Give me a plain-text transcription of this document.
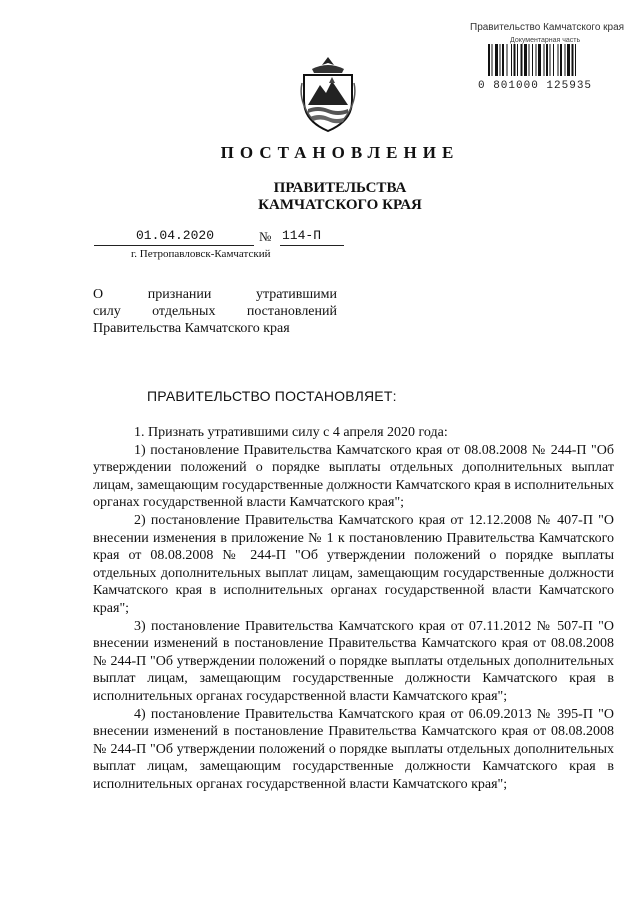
Правительство Камчатского края
Документарная часть
0 801000 125935
ПОСТАНОВЛЕНИЕ
ПРАВИТЕЛЬСТВА
КАМЧАТСКОГО КРАЯ
01.04.2020	№ 114-П
г. Петропавловск-Камчатский
О признании утратившими
силу отдельных постановлений
Правительства Камчатского края
ПРАВИТЕЛЬСТВО ПОСТАНОВЛЯЕТ:

1. Признать утратившими силу с 4 апреля 2020 года:

1) постановление Правительства Камчатского края от 08.08.2008 № 244-П "Об утверждении положений о порядке выплаты отдельных дополнительных выплат лицам, замещающим государственные должности Камчатского края в исполнительных органах государственной власти Камчатского края";

2) постановление Правительства Камчатского края от 12.12.2008 № 407-П "О внесении изменения в приложение № 1 к постановлению Правительства Камчатского края от 08.08.2008 № 244-П "Об утверждении положений о порядке выплаты отдельных дополнительных выплат лицам, замещающим государственные должности Камчатского края в исполнительных органах государственной власти Камчатского края";

3) постановление Правительства Камчатского края от 07.11.2012 № 507-П "О внесении изменений в постановление Правительства Камчатского края от 08.08.2008 № 244-П "Об утверждении положений о порядке выплаты отдельных дополнительных выплат лицам, замещающим государственные должности Камчатского края в исполнительных органах государственной власти Камчатского края";

4) постановление Правительства Камчатского края от 06.09.2013 № 395-П "О внесении изменений в постановление Правительства Камчатского края от 08.08.2008 № 244-П "Об утверждении положений о порядке выплаты отдельных дополнительных выплат лицам, замещающим государственные должности Камчатского края в исполнительных органах государственной власти Камчатского края";
